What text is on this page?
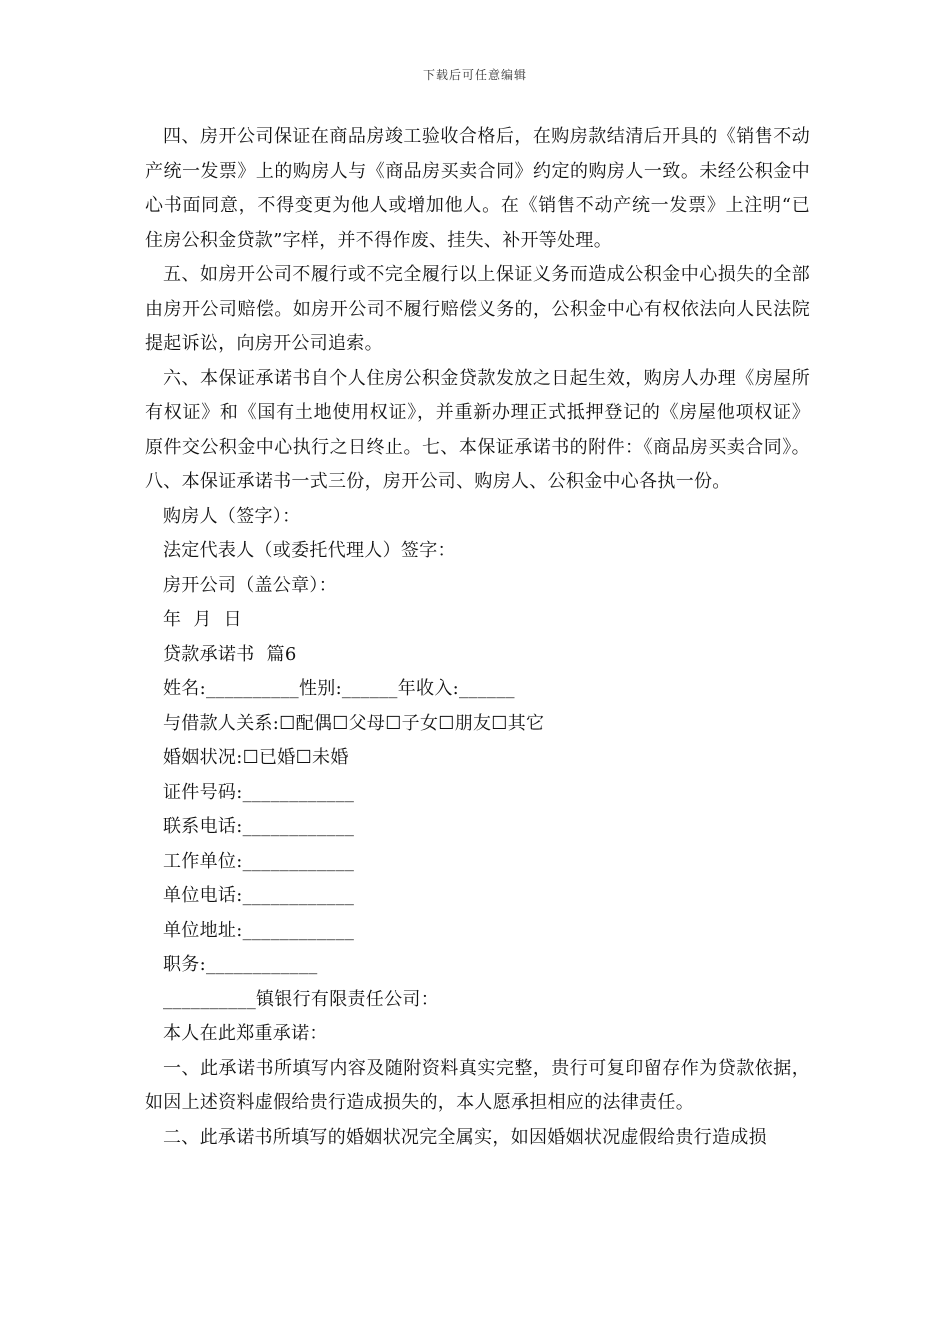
下载后可任意编辑

四、房开公司保证在商品房竣工验收合格后，在购房款结清后开具的《销售不动产统一发票》上的购房人与《商品房买卖合同》约定的购房人一致。未经公积金中心书面同意，不得变更为他人或增加他人。在《销售不动产统一发票》上注明“已住房公积金贷款”字样，并不得作废、挂失、补开等处理。

五、如房开公司不履行或不完全履行以上保证义务而造成公积金中心损失的全部由房开公司赔偿。如房开公司不履行赔偿义务的，公积金中心有权依法向人民法院提起诉讼，向房开公司追索。

六、本保证承诺书自个人住房公积金贷款发放之日起生效，购房人办理《房屋所有权证》和《国有土地使用权证》，并重新办理正式抵押登记的《房屋他项权证》原件交公积金中心执行之日终止。七、本保证承诺书的附件：《商品房买卖合同》。八、本保证承诺书一式三份，房开公司、购房人、公积金中心各执一份。

购房人（签字）：

法定代表人（或委托代理人）签字：

房开公司（盖公章）：

年  月  日

贷款承诺书  篇6

姓名:__________性别:______年收入:______

与借款人关系:☐配偶☐父母☐子女☐朋友☐其它

婚姻状况:☐已婚☐未婚

证件号码:____________

联系电话:____________

工作单位:____________

单位电话:____________

单位地址:____________

职务:____________

__________镇银行有限责任公司：

本人在此郑重承诺：

一、此承诺书所填写内容及随附资料真实完整，贵行可复印留存作为贷款依据，如因上述资料虚假给贵行造成损失的，本人愿承担相应的法律责任。

二、此承诺书所填写的婚姻状况完全属实，如因婚姻状况虚假给贵行造成损
